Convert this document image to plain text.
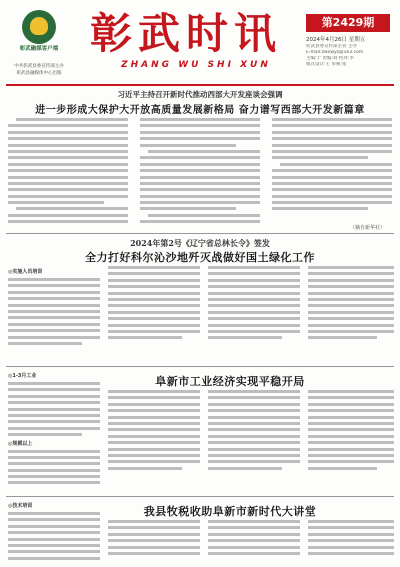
彰武融媒客户端
中共彰武县委宣传部主办
彰武县融媒体中心出版
彰武时讯
ZHANG WU SHI XUN
第2429期
2024年4月26日 星期五
彰武县委宣传部主管 主办
E-mail:zwxwyz@163.com
主编:于 责编:刘 校对:李
版式设计:王 审核:张
习近平主持召开新时代推动西部大开发座谈会强调
进一步形成大保护大开放高质量发展新格局 奋力谱写西部大开发新篇章
（摘自新华社）
2024年第2号《辽宁省总林长令》签发
全力打好科尔沁沙地歼灭战做好国土绿化工作
◎实施人员培训
◎1-3月工业
◎规模以上
阜新市工业经济实现平稳开局
◎技术培训	我县牧税收助阜新市新时代大讲堂
